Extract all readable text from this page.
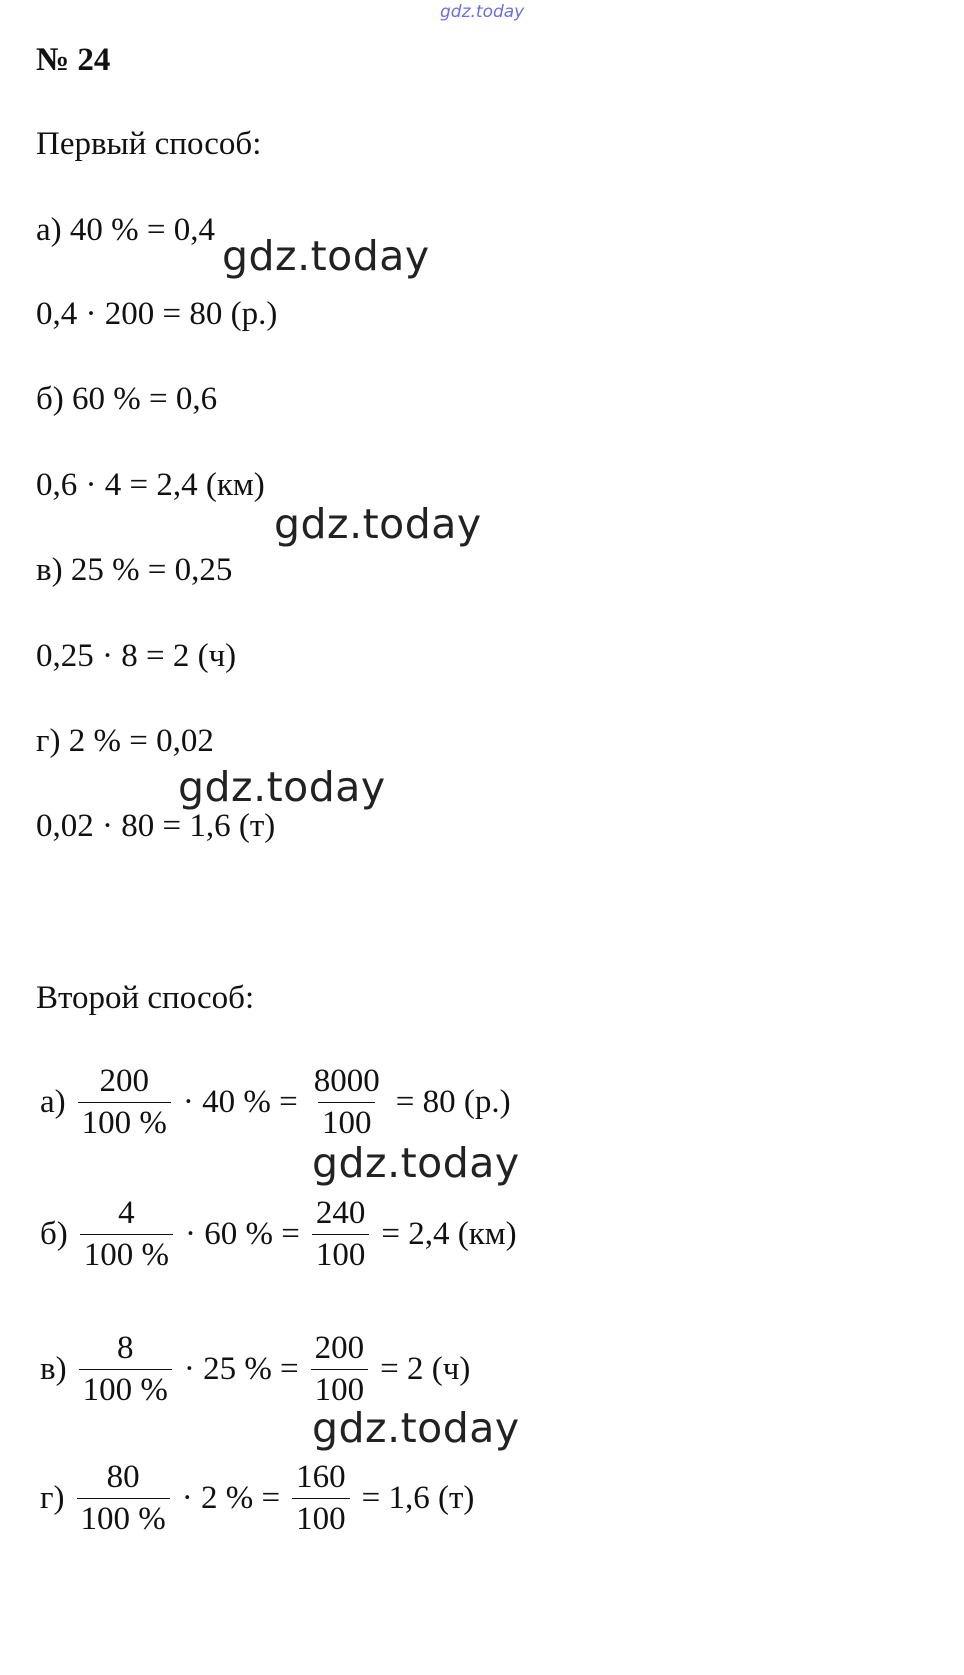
gdz.today
№ 24
Первый способ:
а) 40 % = 0,4
0,4 · 200 = 80 (р.)
б) 60 % = 0,6
0,6 · 4 = 2,4 (км)
в) 25 % = 0,25
0,25 · 8 = 2 (ч)
г) 2 % = 0,02
0,02 · 80 = 1,6 (т)
Второй способ:
$а) \frac{200}{100 \%} \cdot 40$ % = $\frac{8000}{100} = 80$ (р.)
$б) \frac{4}{100 \%} \cdot 60$ % = $\frac{240}{100} = 2,4$ (км)
$в) \frac{8}{100 \%} \cdot 25$ % = $\frac{200}{100} = 2$ (ч)
$г) \frac{80}{100 \%} \cdot 2$ % = $\frac{160}{100} = 1,6$ (т)
gdz.today
gdz.today
gdz.today
gdz.today
gdz.today
